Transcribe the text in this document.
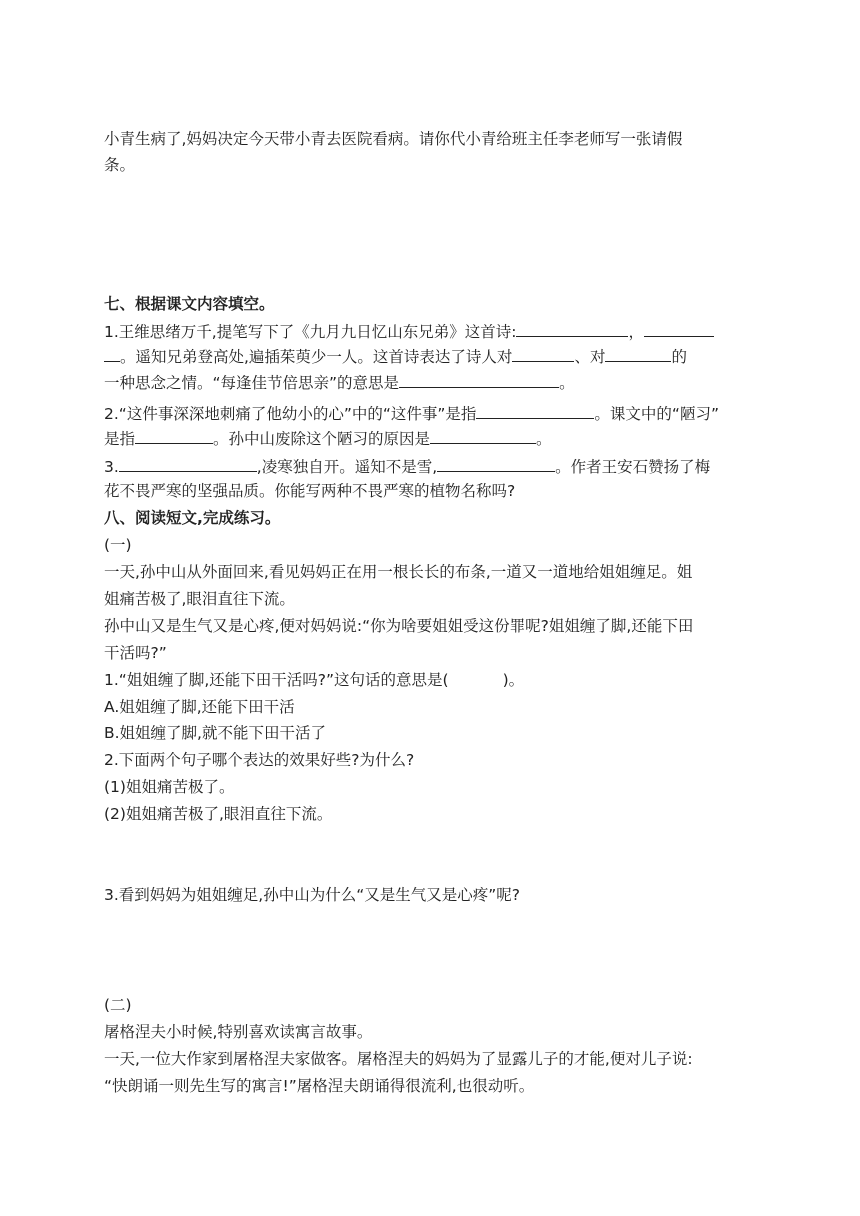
小青生病了,妈妈决定今天带小青去医院看病。请你代小青给班主任李老师写一张请假
条。
七、根据课文内容填空。
1.王维思绪万千,提笔写下了《九月九日忆山东兄弟》这首诗:	，
。遥知兄弟登高处,遍插茱萸少一人。这首诗表达了诗人对	、对	的
一种思念之情。“每逢佳节倍思亲”的意思是	。
2.“这件事深深地刺痛了他幼小的心”中的“这件事”是指	。课文中的“陋习”
是指	。孙中山废除这个陋习的原因是	。
3.	,凌寒独自开。遥知不是雪,	。作者王安石赞扬了梅
花不畏严寒的坚强品质。你能写两种不畏严寒的植物名称吗?
八、阅读短文,完成练习。
(一)
一天,孙中山从外面回来,看见妈妈正在用一根长长的布条,一道又一道地给姐姐缠足。姐
姐痛苦极了,眼泪直往下流。
孙中山又是生气又是心疼,便对妈妈说:“你为啥要姐姐受这份罪呢?姐姐缠了脚,还能下田
干活吗?”
1.“姐姐缠了脚,还能下田干活吗?”这句话的意思是(	)。
A.姐姐缠了脚,还能下田干活
B.姐姐缠了脚,就不能下田干活了
2.下面两个句子哪个表达的效果好些?为什么?
(1)姐姐痛苦极了。
(2)姐姐痛苦极了,眼泪直往下流。
3.看到妈妈为姐姐缠足,孙中山为什么“又是生气又是心疼”呢?
(二)
屠格涅夫小时候,特别喜欢读寓言故事。
一天,一位大作家到屠格涅夫家做客。屠格涅夫的妈妈为了显露儿子的才能,便对儿子说:
“快朗诵一则先生写的寓言!”屠格涅夫朗诵得很流利,也很动听。
